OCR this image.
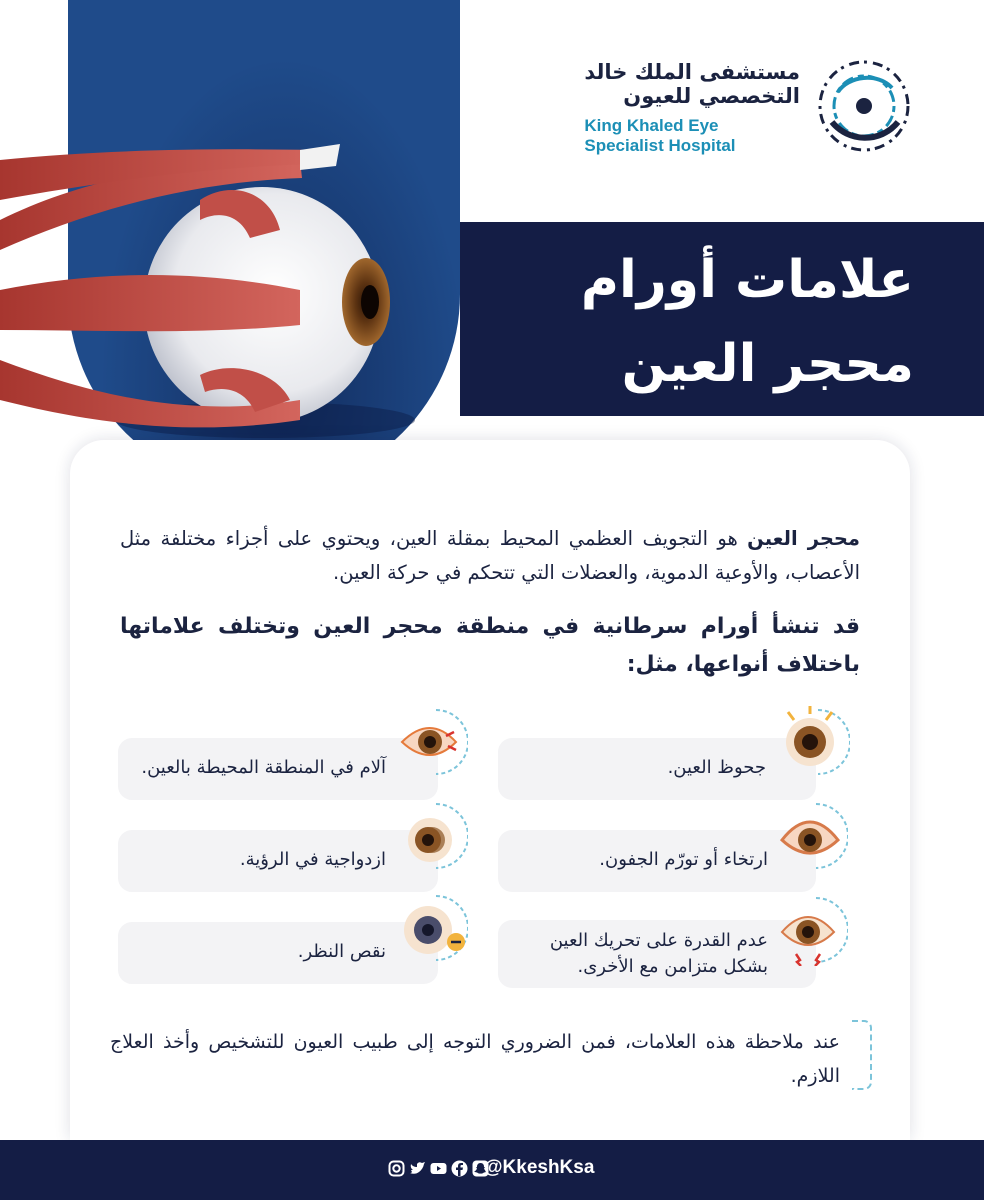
مستشفى الملك خالد
التخصصي للعيون
King Khaled Eye
Specialist Hospital
علامات أورام
محجر العين

محجر العين هو التجويف العظمي المحيط بمقلة العين، ويحتوي على أجزاء مختلفة مثل الأعصاب، والأوعية الدموية، والعضلات التي تتحكم في حركة العين.

قد تنشأ أورام سرطانية في منطقة محجر العين وتختلف علاماتها باختلاف أنواعها، مثل:

جحوظ العين.
ارتخاء أو تورّم الجفون.
عدم القدرة على تحريك العين بشكل متزامن مع الأخرى.
آلام في المنطقة المحيطة بالعين.
ازدواجية في الرؤية.
نقص النظر.

عند ملاحظة هذه العلامات، فمن الضروري التوجه إلى طبيب العيون للتشخيص وأخذ العلاج اللازم.

@KkeshKsa
